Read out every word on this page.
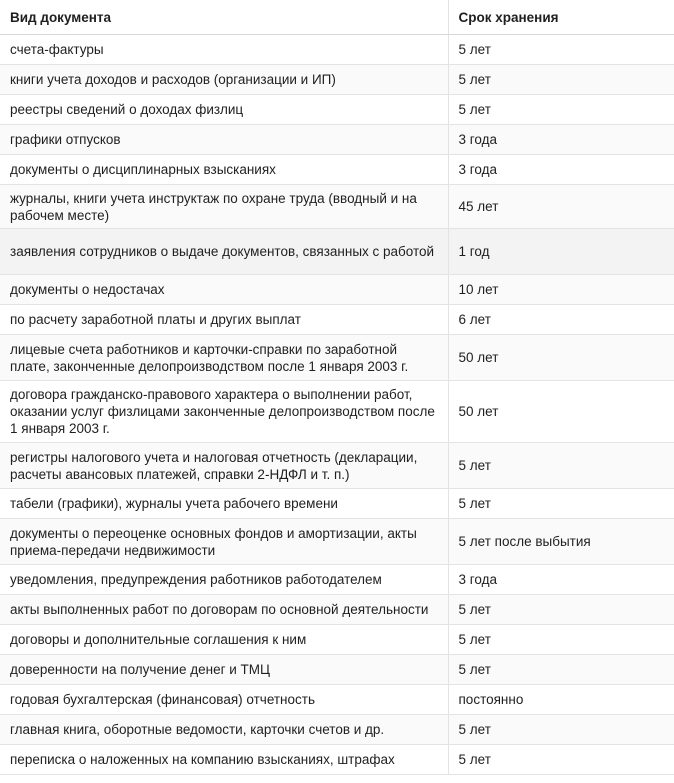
Вид документа	Срок хранения
счета-фактуры	5 лет
книги учета доходов и расходов (организации и ИП)	5 лет
реестры сведений о доходах физлиц	5 лет
графики отпусков	3 года
документы о дисциплинарных взысканиях	3 года
журналы, книги учета инструктаж по охране труда (вводный и на рабочем месте)	45 лет
заявления сотрудников о выдаче документов, связанных с работой	1 год
документы о недостачах	10 лет
по расчету заработной платы и других выплат	6 лет
лицевые счета работников и карточки-справки по заработной плате, законченные делопроизводством после 1 января 2003 г.	50 лет
договора гражданско-правового характера о выполнении работ, оказании услуг физлицами законченные делопроизводством после 1 января 2003 г.	50 лет
регистры налогового учета и налоговая отчетность (декларации, расчеты авансовых платежей, справки 2-НДФЛ и т. п.)	5 лет
табели (графики), журналы учета рабочего времени	5 лет
документы о переоценке основных фондов и амортизации, акты приема-передачи недвижимости	5 лет после выбытия
уведомления, предупреждения работников работодателем	3 года
акты выполненных работ по договорам по основной деятельности	5 лет
договоры и дополнительные соглашения к ним	5 лет
доверенности на получение денег и ТМЦ	5 лет
годовая бухгалтерская (финансовая) отчетность	постоянно
главная книга, оборотные ведомости, карточки счетов и др.	5 лет
переписка о наложенных на компанию взысканиях, штрафах	5 лет
